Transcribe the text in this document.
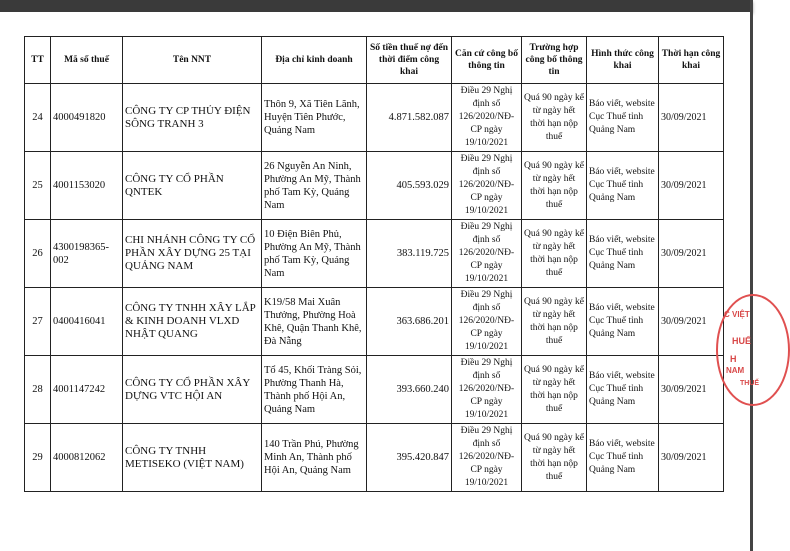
TT	Mã số thuế	Tên NNT	Địa chỉ kinh doanh	Số tiền thuế nợ đến thời điểm công khai	Căn cứ công bố thông tin	Trường hợp công bố thông tin	Hình thức công khai	Thời hạn công khai
24	4000491820	CÔNG TY CP THỦY ĐIỆN SÔNG TRANH 3	Thôn 9, Xã Tiên Lãnh, Huyện Tiên Phước, Quảng Nam	4.871.582.087	Điều 29 Nghị định số 126/2020/NĐ-CP ngày 19/10/2021	Quá 90 ngày kể từ ngày hết thời hạn nộp thuế	Báo viết, website Cục Thuế tỉnh Quảng Nam	30/09/2021
25	4001153020	CÔNG TY CỔ PHẦN QNTEK	26 Nguyễn An Ninh, Phường An Mỹ, Thành phố Tam Kỳ, Quảng Nam	405.593.029	Điều 29 Nghị định số 126/2020/NĐ-CP ngày 19/10/2021	Quá 90 ngày kể từ ngày hết thời hạn nộp thuế	Báo viết, website Cục Thuế tỉnh Quảng Nam	30/09/2021
26	4300198365-002	CHI NHÁNH CÔNG TY CỔ PHẦN XÂY DỰNG 25 TẠI QUẢNG NAM	10 Điện Biên Phủ, Phường An Mỹ, Thành phố Tam Kỳ, Quảng Nam	383.119.725	Điều 29 Nghị định số 126/2020/NĐ-CP ngày 19/10/2021	Quá 90 ngày kể từ ngày hết thời hạn nộp thuế	Báo viết, website Cục Thuế tỉnh Quảng Nam	30/09/2021
27	0400416041	CÔNG TY TNHH XÂY LẮP & KINH DOANH VLXD NHẬT QUANG	K19/58 Mai Xuân Thưởng, Phường Hoà Khê, Quận Thanh Khê, Đà Nẵng	363.686.201	Điều 29 Nghị định số 126/2020/NĐ-CP ngày 19/10/2021	Quá 90 ngày kể từ ngày hết thời hạn nộp thuế	Báo viết, website Cục Thuế tỉnh Quảng Nam	30/09/2021
28	4001147242	CÔNG TY CỔ PHẦN XÂY DỰNG VTC HỘI AN	Tổ 45, Khối Tràng Sỏi, Phường Thanh Hà, Thành phố Hội An, Quảng Nam	393.660.240	Điều 29 Nghị định số 126/2020/NĐ-CP ngày 19/10/2021	Quá 90 ngày kể từ ngày hết thời hạn nộp thuế	Báo viết, website Cục Thuế tỉnh Quảng Nam	30/09/2021
29	4000812062	CÔNG TY TNHH METISEKO (VIỆT NAM)	140 Trần Phú, Phường Minh An, Thành phố Hội An, Quảng Nam	395.420.847	Điều 29 Nghị định số 126/2020/NĐ-CP ngày 19/10/2021	Quá 90 ngày kể từ ngày hết thời hạn nộp thuế	Báo viết, website Cục Thuế tỉnh Quảng Nam	30/09/2021
C VIỆT
HUẾ
H
NAM
THUẾ
